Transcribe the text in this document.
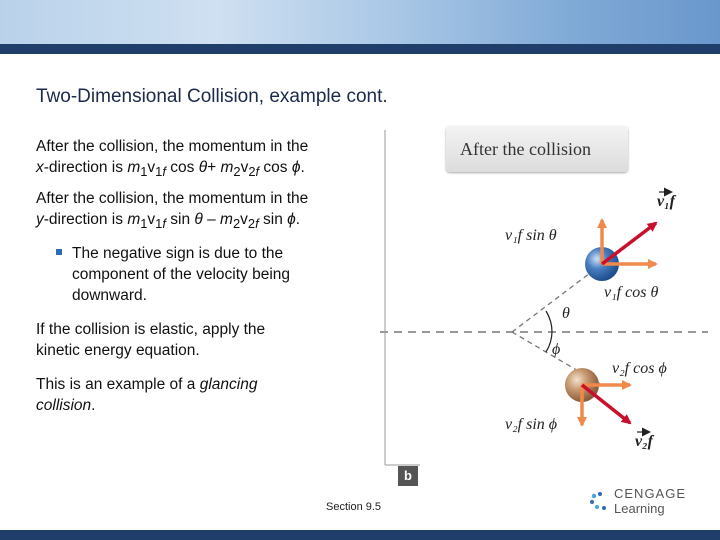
Two-Dimensional Collision, example cont.
After the collision, the momentum in the
x-direction is $m_1v_{1f}$ $\cos \theta+ m_2v_{2f}$ cos ϕ.
After the collision, the momentum in the
y-direction is $m_1v_{1f}$ sin θ – $m_2v_{2f}$ sin ϕ.
The negative sign is due to the
component of the velocity being
downward.
If the collision is elastic, apply the
kinetic energy equation.
This is an example of a glancing
collision.
After the collision
v₁f
v₁f sin θ
v₁f cos θ
θ
ϕ
v₂f cos ϕ
v₂f sin ϕ
v₂f
b
Section 9.5
CENGAGE
Learning
